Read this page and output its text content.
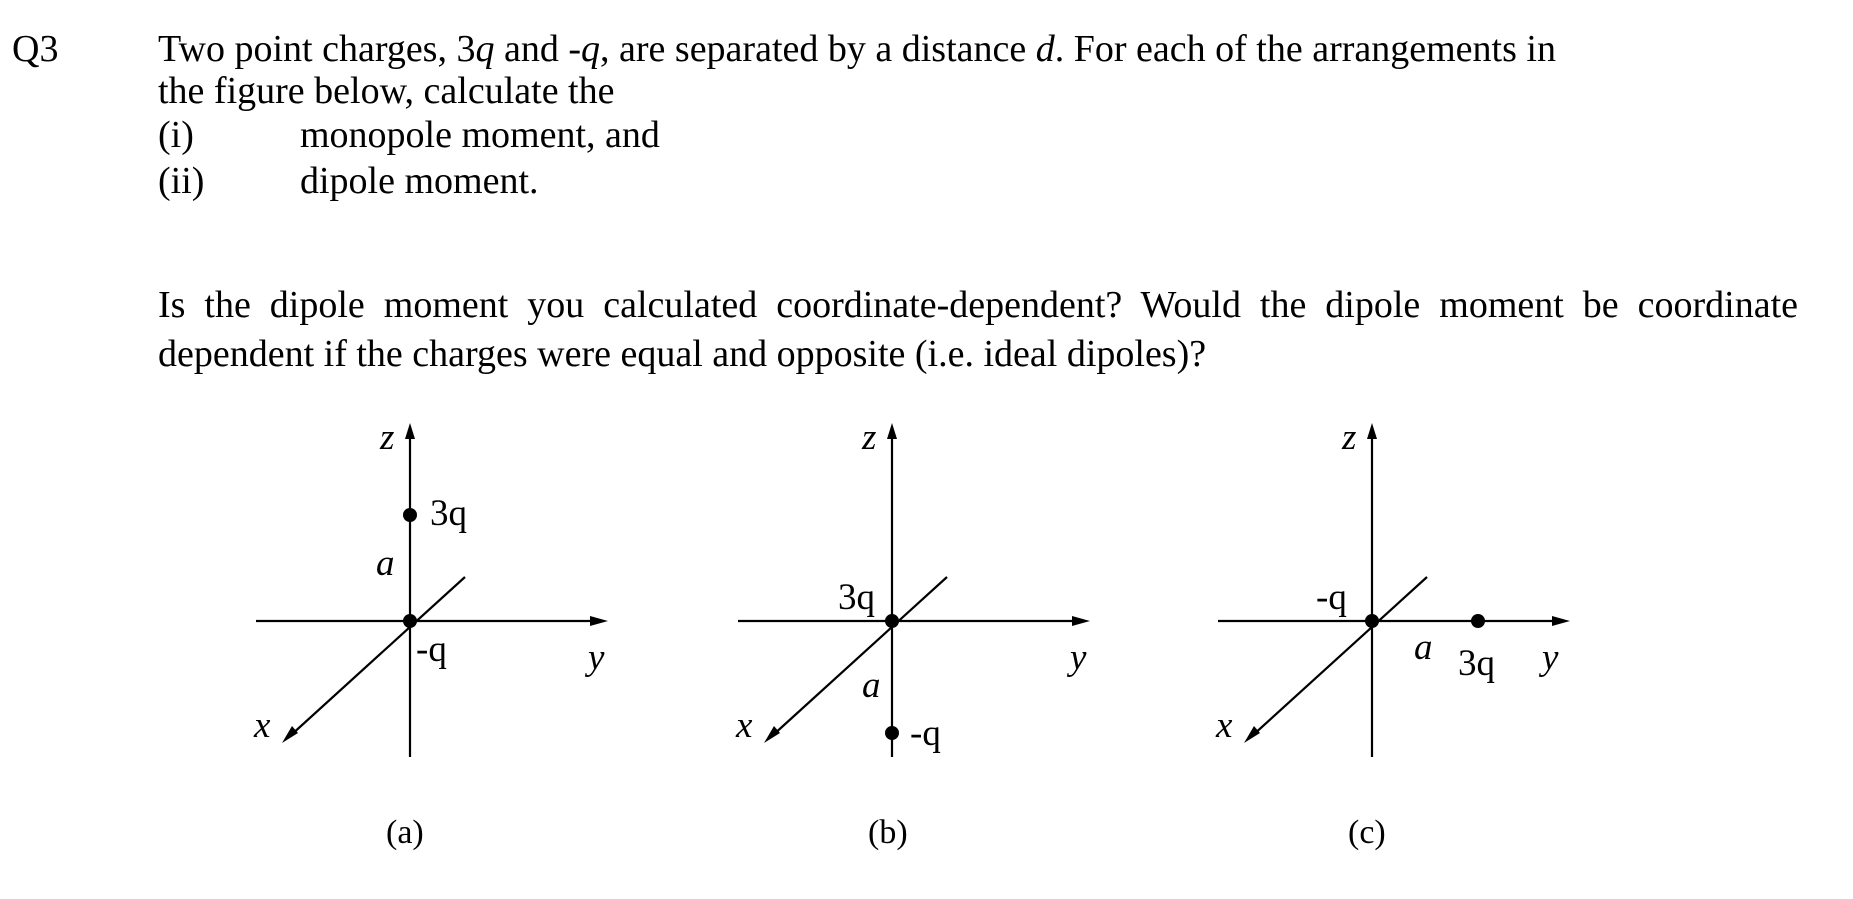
Q3	Two point charges, 3q and -q, are separated by a distance d. For each of the arrangements in
the figure below, calculate the
(i)	monopole moment, and
(ii)	dipole moment.
Is the dipole moment you calculated coordinate-dependent? Would the dipole moment be coordinate dependent if the charges were equal and opposite (i.e. ideal dipoles)?
z
y
x
3q
a
-q
(a)
z
y
x
3q
a
-q
(b)
z
y
x
-q
3q
a
(c)
